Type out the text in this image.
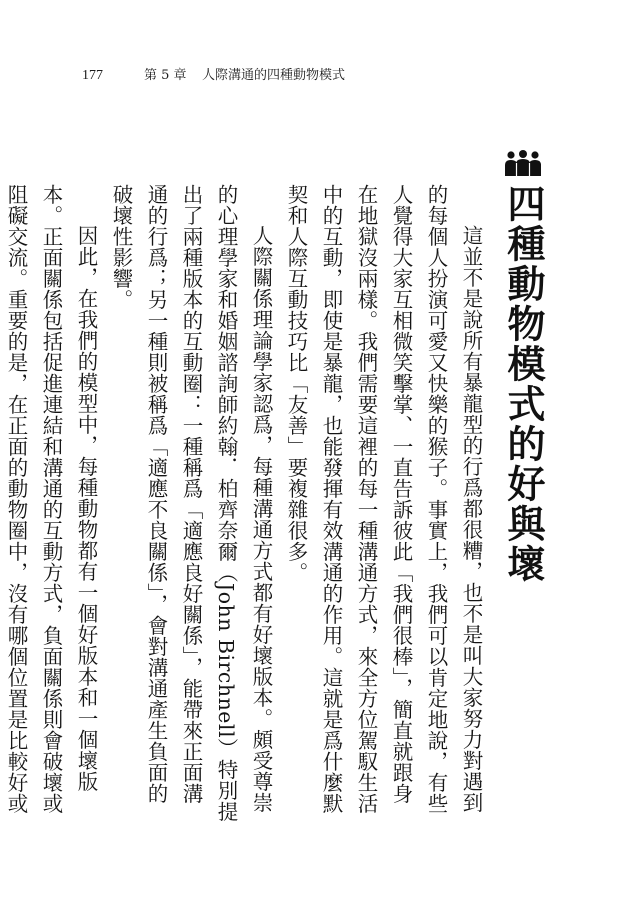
177	第 5 章 人際溝通的四種動物模式
四種動物模式的好與壞

這並不是說所有暴龍型的行爲都很糟，也不是叫大家努力對遇到的每個人扮演可愛又快樂的猴子。事實上，我們可以肯定地說，有些人覺得大家互相微笑擊掌、一直告訴彼此「我們很棒」，簡直就跟身在地獄沒兩樣。我們需要這裡的每一種溝通方式，來全方位駕馭生活中的互動，即使是暴龍，也能發揮有效溝通的作用。這就是爲什麼默契和人際互動技巧比「友善」要複雜很多。

人際關係理論學家認爲，每種溝通方式都有好壞版本。頗受尊崇的心理學家和婚姻諮詢師約翰．柏齊奈爾（John Birchnell）特別提出了兩種版本的互動圈：一種稱爲「適應良好關係」，能帶來正面溝通的行爲；另一種則被稱爲「適應不良關係」，會對溝通產生負面的破壞性影響。

因此，在我們的模型中，每種動物都有一個好版本和一個壞版本。正面關係包括促進連結和溝通的互動方式，負面關係則會破壞或阻礙交流。重要的是，在正面的動物圈中，沒有哪個位置是比較好或
